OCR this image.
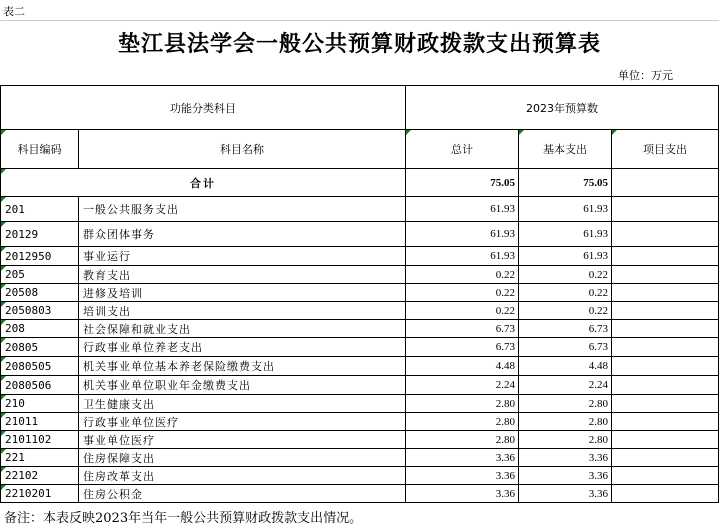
表二
垫江县法学会一般公共预算财政拨款支出预算表
单位：万元
功能分类科目		2023年预算数		
科目编码	科目名称	总计	基本支出	项目支出
合计		75.05	75.05	
201	一般公共服务支出	61.93	61.93	
20129	群众团体事务	61.93	61.93	
2012950	事业运行	61.93	61.93	
205	教育支出	0.22	0.22	
20508	进修及培训	0.22	0.22	
2050803	培训支出	0.22	0.22	
208	社会保障和就业支出	6.73	6.73	
20805	行政事业单位养老支出	6.73	6.73	
2080505	机关事业单位基本养老保险缴费支出	4.48	4.48	
2080506	机关事业单位职业年金缴费支出	2.24	2.24	
210	卫生健康支出	2.80	2.80	
21011	行政事业单位医疗	2.80	2.80	
2101102	事业单位医疗	2.80	2.80	
221	住房保障支出	3.36	3.36	
22102	住房改革支出	3.36	3.36	
2210201	住房公积金	3.36	3.36	
备注：本表反映2023年当年一般公共预算财政拨款支出情况。
